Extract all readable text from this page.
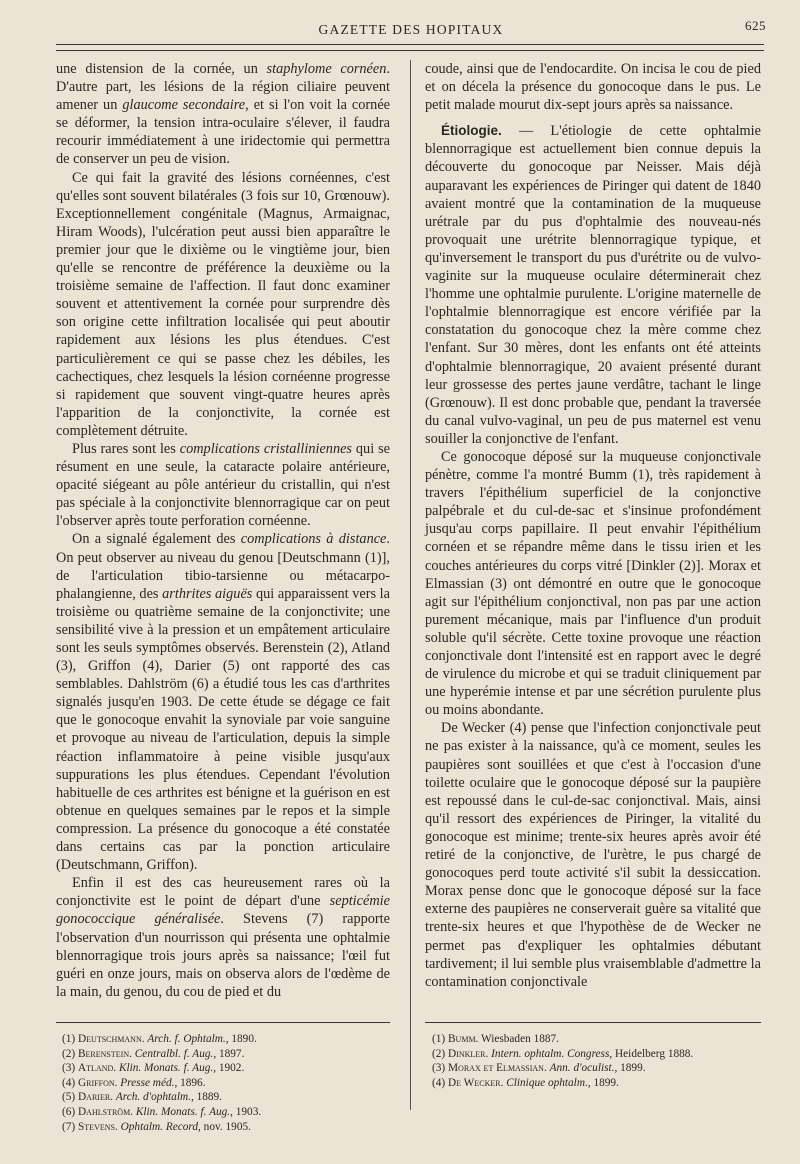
GAZETTE DES HOPITAUX	625

une distension de la cornée, un staphylome cornéen. D'autre part, les lésions de la région ciliaire peuvent amener un glaucome secondaire, et si l'on voit la cornée se déformer, la tension intra-oculaire s'élever, il faudra recourir immédiatement à une iridectomie qui permettra de conserver un peu de vision.

Ce qui fait la gravité des lésions cornéennes, c'est qu'elles sont souvent bilatérales (3 fois sur 10, Grœnouw). Exceptionnellement congénitale (Magnus, Armaignac, Hiram Woods), l'ulcération peut aussi bien apparaître le premier jour que le dixième ou le vingtième jour, bien qu'elle se rencontre de préférence la deuxième ou la troisième semaine de l'affection. Il faut donc examiner souvent et attentivement la cornée pour surprendre dès son origine cette infiltration localisée qui peut aboutir rapidement aux lésions les plus étendues. C'est particulièrement ce qui se passe chez les débiles, les cachectiques, chez lesquels la lésion cornéenne progresse si rapidement que souvent vingt-quatre heures après l'apparition de la conjonctivite, la cornée est complètement détruite.

Plus rares sont les complications cristalliniennes qui se résument en une seule, la cataracte polaire antérieure, opacité siégeant au pôle antérieur du cristallin, qui n'est pas spéciale à la conjonctivite blennorragique car on peut l'observer après toute perforation cornéenne.

On a signalé également des complications à distance. On peut observer au niveau du genou [Deutschmann (1)], de l'articulation tibio-tarsienne ou métacarpo-phalangienne, des arthrites aiguës qui apparaissent vers la troisième ou quatrième semaine de la conjonctivite; une sensibilité vive à la pression et un empâtement articulaire sont les seuls symptômes observés. Berenstein (2), Atland (3), Griffon (4), Darier (5) ont rapporté des cas semblables. Dahlström (6) a étudié tous les cas d'arthrites signalés jusqu'en 1903. De cette étude se dégage ce fait que le gonocoque envahit la synoviale par voie sanguine et provoque au niveau de l'articulation, depuis la simple réaction inflammatoire à peine visible jusqu'aux suppurations les plus étendues. Cependant l'évolution habituelle de ces arthrites est bénigne et la guérison en est obtenue en quelques semaines par le repos et la simple compression. La présence du gonocoque a été constatée dans certains cas par la ponction articulaire (Deutschmann, Griffon).

Enfin il est des cas heureusement rares où la conjonctivite est le point de départ d'une septicémie gonococcique généralisée. Stevens (7) rapporte l'observation d'un nourrisson qui présenta une ophtalmie blennorragique trois jours après sa naissance; l'œil fut guéri en onze jours, mais on observa alors de l'œdème de la main, du genou, du cou de pied et du

(1) Deutschmann. Arch. f. Ophtalm., 1890.
(2) Berenstein. Centralbl. f. Aug., 1897.
(3) Atland. Klin. Monats. f. Aug., 1902.
(4) Griffon. Presse méd., 1896.
(5) Darier. Arch. d'ophtalm., 1889.
(6) Dahlström. Klin. Monats. f. Aug., 1903.
(7) Stevens. Ophtalm. Record, nov. 1905.

coude, ainsi que de l'endocardite. On incisa le cou de pied et on décela la présence du gonocoque dans le pus. Le petit malade mourut dix-sept jours après sa naissance.

Étiologie. — L'étiologie de cette ophtalmie blennorragique est actuellement bien connue depuis la découverte du gonocoque par Neisser. Mais déjà auparavant les expériences de Piringer qui datent de 1840 avaient montré que la contamination de la muqueuse urétrale par du pus d'ophtalmie des nouveau-nés provoquait une urétrite blennorragique typique, et qu'inversement le transport du pus d'urétrite ou de vulvo-vaginite sur la muqueuse oculaire déterminerait chez l'homme une ophtalmie purulente. L'origine maternelle de l'ophtalmie blennorragique est encore vérifiée par la constatation du gonocoque chez la mère comme chez l'enfant. Sur 30 mères, dont les enfants ont été atteints d'ophtalmie blennorragique, 20 avaient présenté durant leur grossesse des pertes jaune verdâtre, tachant le linge (Grœnouw). Il est donc probable que, pendant la traversée du canal vulvo-vaginal, un peu de pus maternel est venu souiller la conjonctive de l'enfant.

Ce gonocoque déposé sur la muqueuse conjonctivale pénètre, comme l'a montré Bumm (1), très rapidement à travers l'épithélium superficiel de la conjonctive palpébrale et du cul-de-sac et s'insinue profondément jusqu'au corps papillaire. Il peut envahir l'épithélium cornéen et se répandre même dans le tissu irien et les couches antérieures du corps vitré [Dinkler (2)]. Morax et Elmassian (3) ont démontré en outre que le gonocoque agit sur l'épithélium conjonctival, non pas par une action purement mécanique, mais par l'influence d'un produit soluble qu'il sécrète. Cette toxine provoque une réaction conjonctivale dont l'intensité est en rapport avec le degré de virulence du microbe et qui se traduit cliniquement par une hyperémie intense et par une sécrétion purulente plus ou moins abondante.

De Wecker (4) pense que l'infection conjonctivale peut ne pas exister à la naissance, qu'à ce moment, seules les paupières sont souillées et que c'est à l'occasion d'une toilette oculaire que le gonocoque déposé sur la paupière est repoussé dans le cul-de-sac conjonctival. Mais, ainsi qu'il ressort des expériences de Piringer, la vitalité du gonocoque est minime; trente-six heures après avoir été retiré de la conjonctive, de l'urètre, le pus chargé de gonocoques perd toute activité s'il subit la dessiccation. Morax pense donc que le gonocoque déposé sur la face externe des paupières ne conserverait guère sa vitalité que trente-six heures et que l'hypothèse de de Wecker ne permet pas d'expliquer les ophtalmies débutant tardivement; il lui semble plus vraisemblable d'admettre la contamination conjonctivale

(1) Bumm. Wiesbaden 1887.
(2) Dinkler. Intern. ophtalm. Congress, Heidelberg 1888.
(3) Morax et Elmassian. Ann. d'oculist., 1899.
(4) De Wecker. Clinique ophtalm., 1899.
